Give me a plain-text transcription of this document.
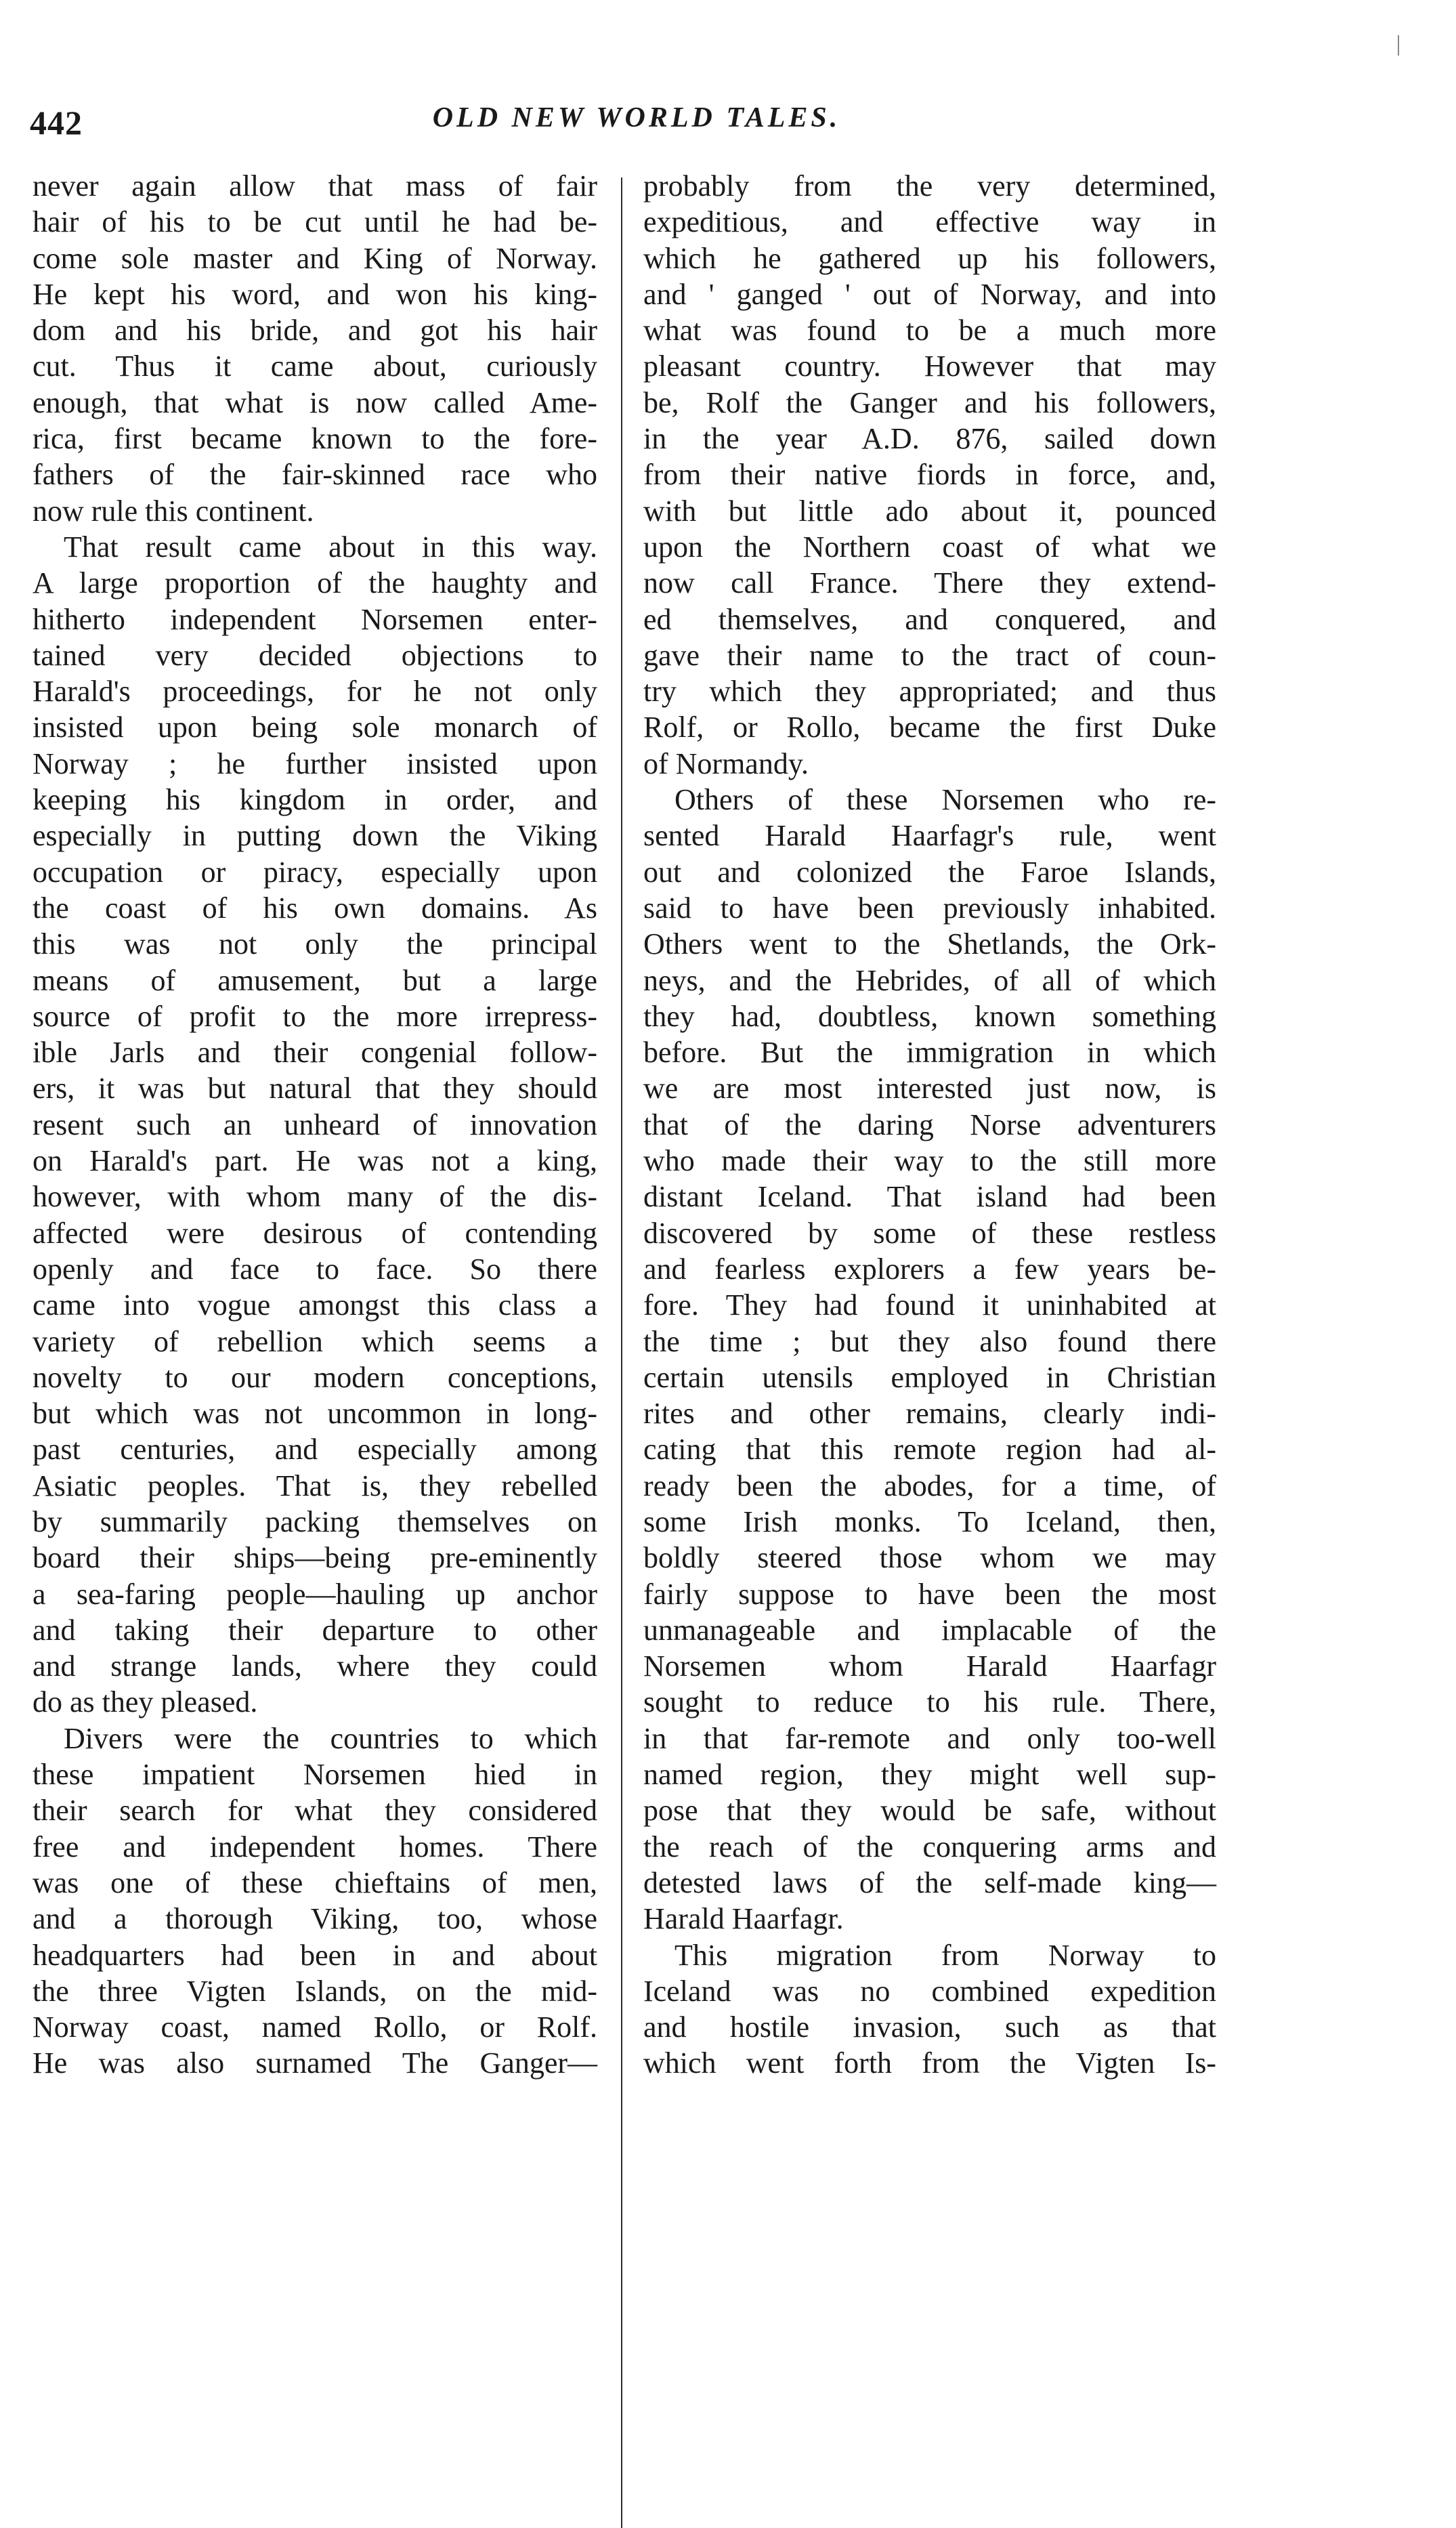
442	OLD NEW WORLD TALES.
never again allow that mass of fair
hair of his to be cut until he had be-
come sole master and King of Norway.
He kept his word, and won his king-
dom and his bride, and got his hair
cut. Thus it came about, curiously
enough, that what is now called Ame-
rica, first became known to the fore-
fathers of the fair-skinned race who
now rule this continent.
That result came about in this way.
A large proportion of the haughty and
hitherto independent Norsemen enter-
tained very decided objections to
Harald's proceedings, for he not only
insisted upon being sole monarch of
Norway ; he further insisted upon
keeping his kingdom in order, and
especially in putting down the Viking
occupation or piracy, especially upon
the coast of his own domains. As
this was not only the principal
means of amusement, but a large
source of profit to the more irrepress-
ible Jarls and their congenial follow-
ers, it was but natural that they should
resent such an unheard of innovation
on Harald's part. He was not a king,
however, with whom many of the dis-
affected were desirous of contending
openly and face to face. So there
came into vogue amongst this class a
variety of rebellion which seems a
novelty to our modern conceptions,
but which was not uncommon in long-
past centuries, and especially among
Asiatic peoples. That is, they rebelled
by summarily packing themselves on
board their ships—being pre-eminently
a sea-faring people—hauling up anchor
and taking their departure to other
and strange lands, where they could
do as they pleased.
Divers were the countries to which
these impatient Norsemen hied in
their search for what they considered
free and independent homes. There
was one of these chieftains of men,
and a thorough Viking, too, whose
headquarters had been in and about
the three Vigten Islands, on the mid-
Norway coast, named Rollo, or Rolf.
He was also surnamed The Ganger—
probably from the very determined,
expeditious, and effective way in
which he gathered up his followers,
and ' ganged ' out of Norway, and into
what was found to be a much more
pleasant country. However that may
be, Rolf the Ganger and his followers,
in the year A.D. 876, sailed down
from their native fiords in force, and,
with but little ado about it, pounced
upon the Northern coast of what we
now call France. There they extend-
ed themselves, and conquered, and
gave their name to the tract of coun-
try which they appropriated; and thus
Rolf, or Rollo, became the first Duke
of Normandy.
Others of these Norsemen who re-
sented Harald Haarfagr's rule, went
out and colonized the Faroe Islands,
said to have been previously inhabited.
Others went to the Shetlands, the Ork-
neys, and the Hebrides, of all of which
they had, doubtless, known something
before. But the immigration in which
we are most interested just now, is
that of the daring Norse adventurers
who made their way to the still more
distant Iceland. That island had been
discovered by some of these restless
and fearless explorers a few years be-
fore. They had found it uninhabited at
the time ; but they also found there
certain utensils employed in Christian
rites and other remains, clearly indi-
cating that this remote region had al-
ready been the abodes, for a time, of
some Irish monks. To Iceland, then,
boldly steered those whom we may
fairly suppose to have been the most
unmanageable and implacable of the
Norsemen whom Harald Haarfagr
sought to reduce to his rule. There,
in that far-remote and only too-well
named region, they might well sup-
pose that they would be safe, without
the reach of the conquering arms and
detested laws of the self-made king—
Harald Haarfagr.
This migration from Norway to
Iceland was no combined expedition
and hostile invasion, such as that
which went forth from the Vigten Is-
